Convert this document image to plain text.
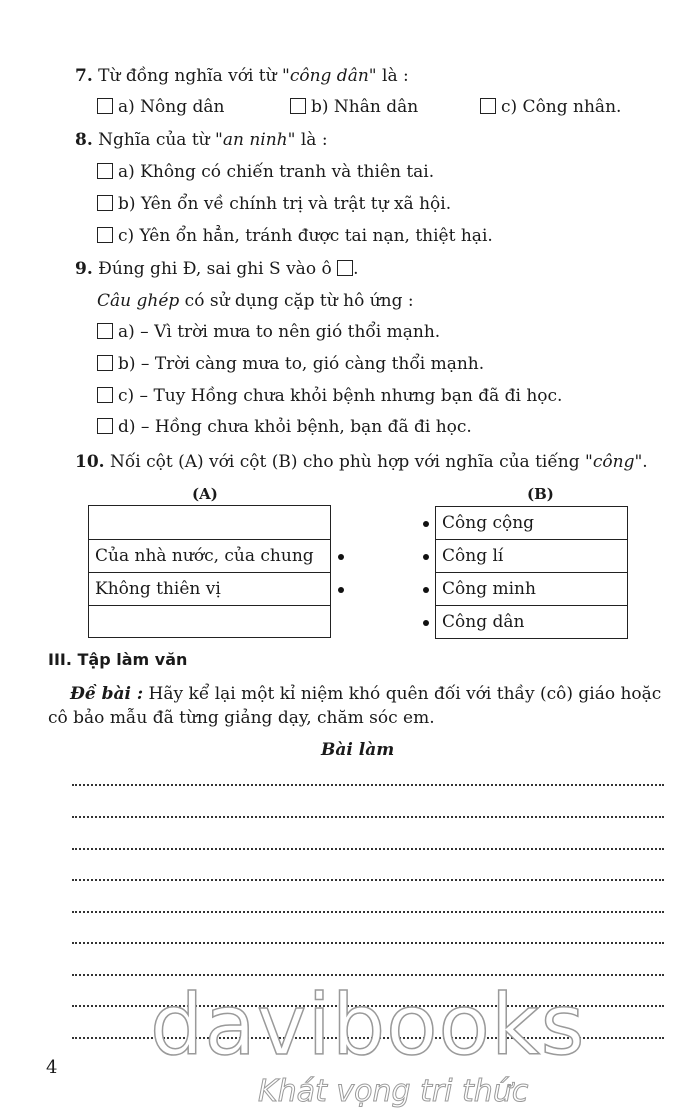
7. Từ đồng nghĩa với từ "công dân" là :
a) Nông dân	b) Nhân dân	c) Công nhân.
8. Nghĩa của từ "an ninh" là :
a) Không có chiến tranh và thiên tai.
b) Yên ổn về chính trị và trật tự xã hội.
c) Yên ổn hẳn, tránh được tai nạn, thiệt hại.
9. Đúng ghi Đ, sai ghi S vào ô .
Câu ghép có sử dụng cặp từ hô ứng :
a) – Vì trời mưa to nên gió thổi mạnh.
b) – Trời càng mưa to, gió càng thổi mạnh.
c) – Tuy Hồng chưa khỏi bệnh nhưng bạn đã đi học.
d) – Hồng chưa khỏi bệnh, bạn đã đi học.
10. Nối cột (A) với cột (B) cho phù hợp với nghĩa của tiếng "công".
(A)	(B)
Của nhà nước, của chung
Không thiên vị
Công cộng
Công lí
Công minh
Công dân
III. Tập làm văn
Đề bài : Hãy kể lại một kỉ niệm khó quên đối với thầy (cô) giáo hoặc
cô bảo mẫu đã từng giảng dạy, chăm sóc em.
Bài làm
davibooks
Khát vọng tri thức
4
